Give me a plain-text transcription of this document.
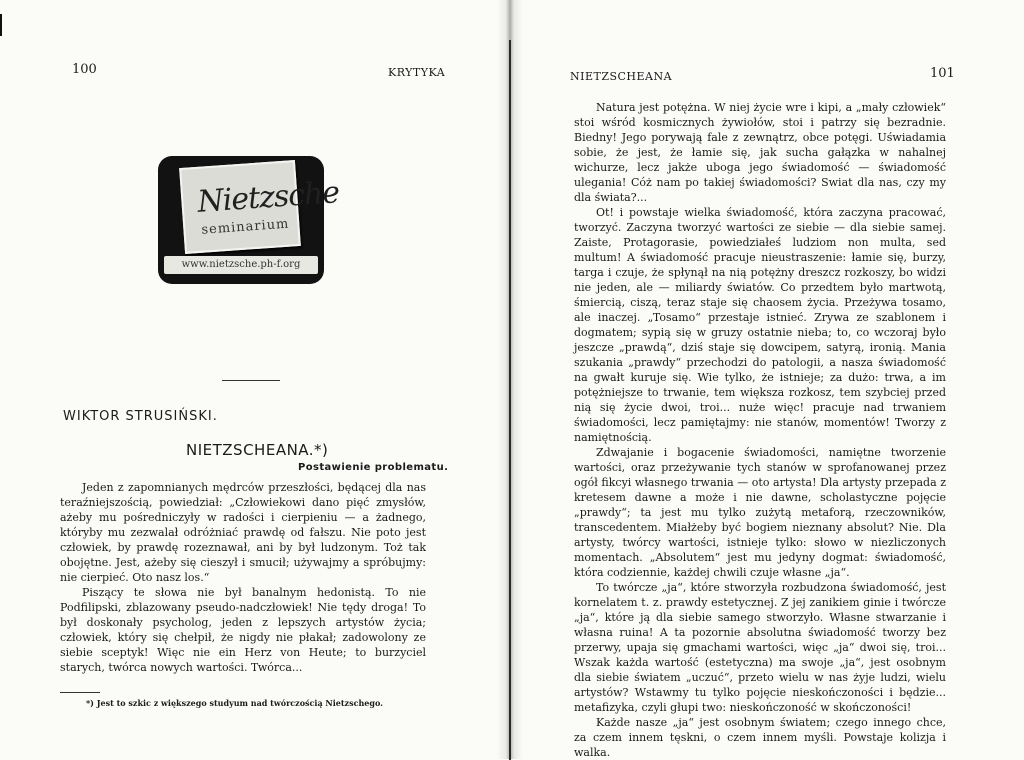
100	KRYTYKA
Nietzsche
seminarium
www.nietzsche.ph-f.org
WIKTOR STRUSIŃSKI.
NIETZSCHEANA.*)
Postawienie problematu.

Jeden z zapomnianych mędrców przeszłości, będącej dla nas teraźniejszością, powiedział: „Człowiekowi dano pięć zmysłów, ażeby mu pośredniczyły w radości i cierpieniu — a żadnego, któryby mu zezwalał odróżniać prawdę od fałszu. Nie poto jest człowiek, by prawdę rozeznawał, ani by był ludzonym. Toż tak obojętne. Jest, ażeby się cieszył i smucił; używajmy a spróbujmy: nie cierpieć. Oto nasz los.“

Piszący te słowa nie był banalnym hedonistą. To nie Podfilipski, zblazowany pseudo-nadczłowiek! Nie tędy droga! To był doskonały psycholog, jeden z lepszych artystów życia; człowiek, który się chełpił, że nigdy nie płakał; zadowolony ze siebie sceptyk! Więc nie ein Herz von Heute; to burzyciel starych, twórca nowych wartości. Twórca...

*) Jest to szkic z większego studyum nad twórczością Nietzschego.
NIETZSCHEANA	101

Natura jest potężna. W niej życie wre i kipi, a „mały człowiek“ stoi wśród kosmicznych żywiołów, stoi i patrzy się bezradnie. Biedny! Jego porywają fale z zewnątrz, obce potęgi. Uświadamia sobie, że jest, że łamie się, jak sucha gałązka w nahalnej wichurze, lecz jakże uboga jego świadomość — świadomość ulegania! Cóż nam po takiej świadomości? Swiat dla nas, czy my dla świata?...

Ot! i powstaje wielka świadomość, która zaczyna pracować, tworzyć. Zaczyna tworzyć wartości ze siebie — dla siebie samej. Zaiste, Protagorasie, powiedziałeś ludziom non multa, sed multum! A świadomość pracuje nieustraszenie: łamie się, burzy, targa i czuje, że spłynął na nią potężny dreszcz rozkoszy, bo widzi nie jeden, ale — miliardy światów. Co przedtem było martwotą, śmiercią, ciszą, teraz staje się chaosem życia. Przeżywa tosamo, ale inaczej. „Tosamo“ przestaje istnieć. Zrywa ze szablonem i dogmatem; sypią się w gruzy ostatnie nieba; to, co wczoraj było jeszcze „prawdą“, dziś staje się dowcipem, satyrą, ironią. Mania szukania „prawdy“ przechodzi do patologii, a nasza świadomość na gwałt kuruje się. Wie tylko, że istnieje; za dużo: trwa, a im potężniejsze to trwanie, tem większa rozkosz, tem szybciej przed nią się życie dwoi, troi... nuże więc! pracuje nad trwaniem świadomości, lecz pamiętajmy: nie stanów, momentów! Tworzy z namiętnością.

Zdwajanie i bogacenie świadomości, namiętne tworzenie wartości, oraz przeżywanie tych stanów w sprofanowanej przez ogół fikcyi własnego trwania — oto artysta! Dla artysty przepada z kretesem dawne a może i nie dawne, scholastyczne pojęcie „prawdy“; ta jest mu tylko zużytą metaforą, rzeczowników, transcedentem. Miałżeby być bogiem nieznany absolut? Nie. Dla artysty, twórcy wartości, istnieje tylko: słowo w niezliczonych momentach. „Absolutem“ jest mu jedyny dogmat: świadomość, która codziennie, każdej chwili czuje własne „ja“.

To twórcze „ja“, które stworzyła rozbudzona świadomość, jest kornelatem t. z. prawdy estetycznej. Z jej zanikiem ginie i twórcze „ja“, które ją dla siebie samego stworzyło. Własne stwarzanie i własna ruina! A ta pozornie absolutna świadomość tworzy bez przerwy, upaja się gmachami wartości, więc „ja“ dwoi się, troi... Wszak każda wartość (estetyczna) ma swoje „ja“, jest osobnym dla siebie światem „uczuć“, przeto wielu w nas żyje ludzi, wielu artystów? Wstawmy tu tylko pojęcie nieskończoności i będzie... metafizyka, czyli głupi two: nieskończoność w skończoności!

Każde nasze „ja“ jest osobnym światem; czego innego chce, za czem innem tęskni, o czem innem myśli. Powstaje kolizja i walka.
